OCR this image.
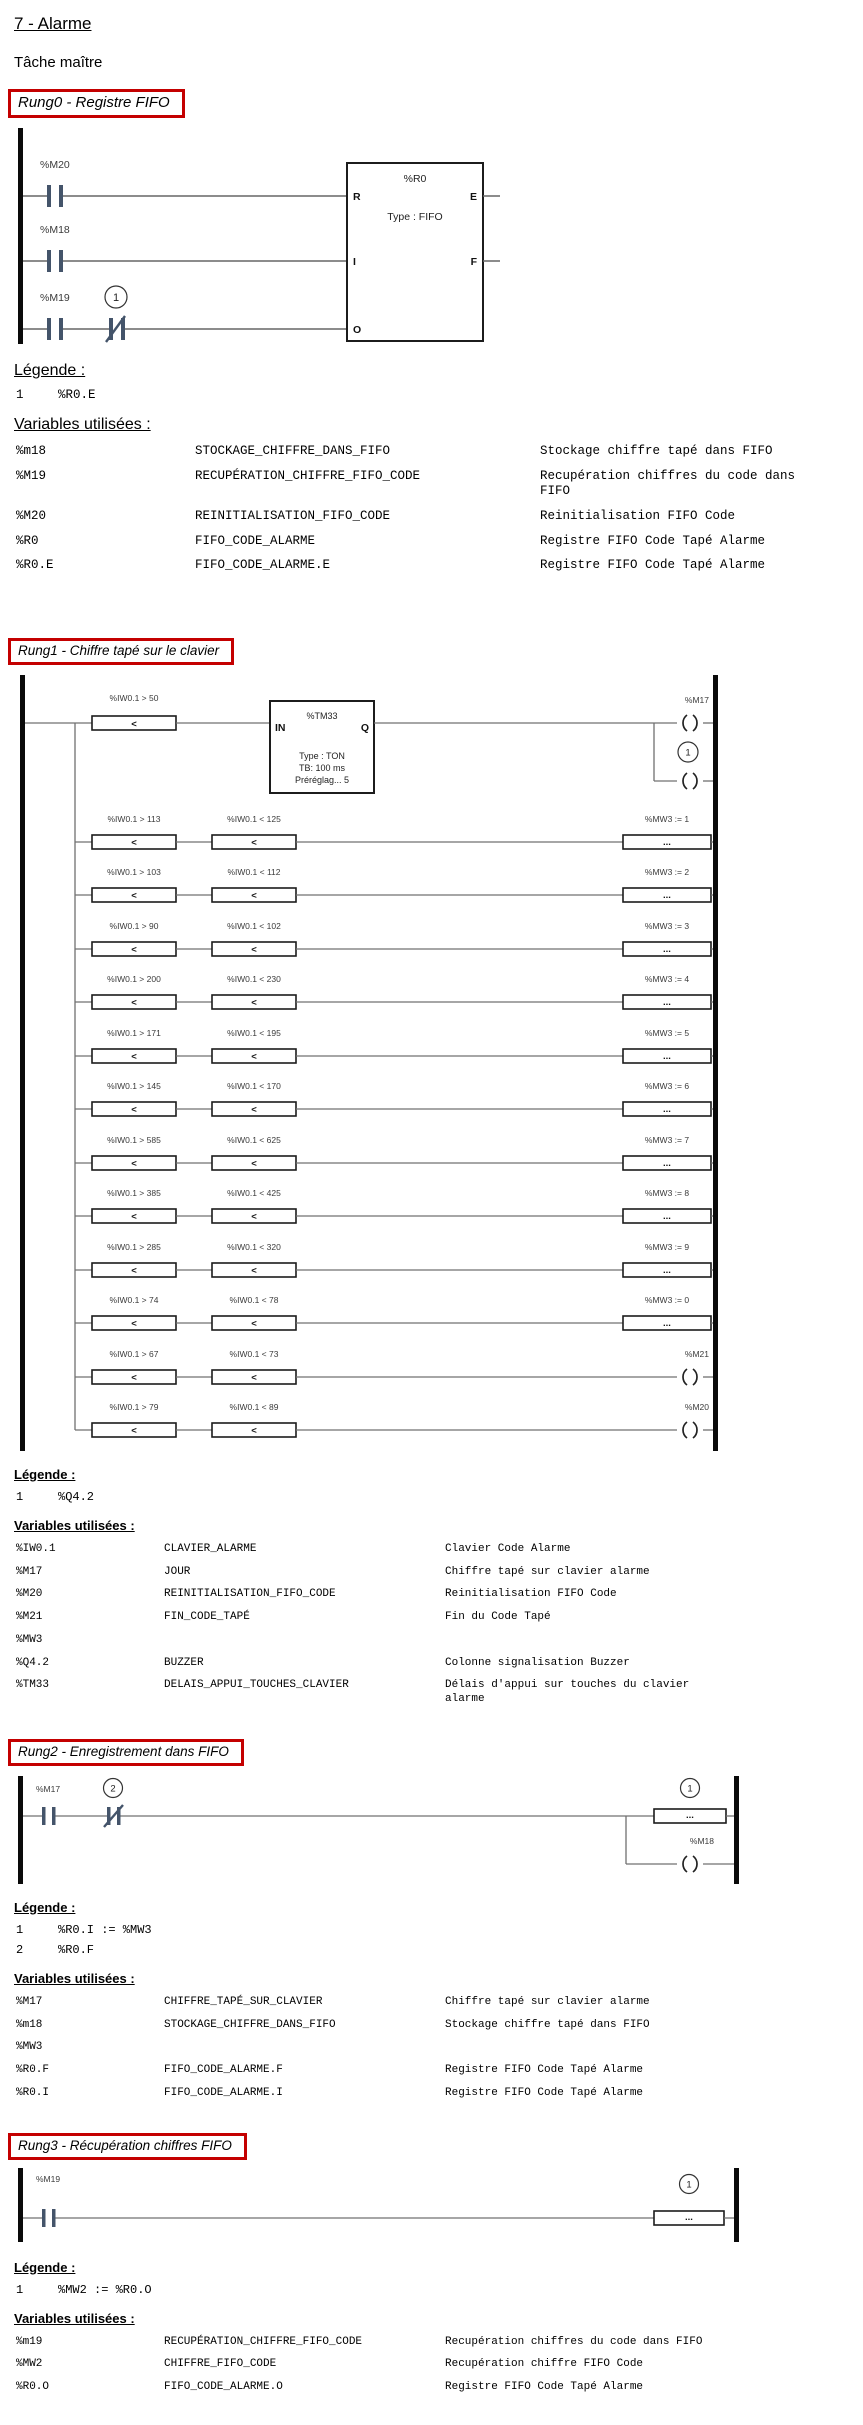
7 - Alarme
Tâche maître
Rung0 - Registre FIFO
%M20
%M18
%M19	1
%R0
Type : FIFO
R
I
O
E
F
Légende :
1	%R0.E
Variables utilisées :
%m18	STOCKAGE_CHIFFRE_DANS_FIFO	Stockage chiffre tapé dans FIFO
%M19	RECUPÉRATION_CHIFFRE_FIFO_CODE	Recupération chiffres du code dans FIFO
%M20	REINITIALISATION_FIFO_CODE	Reinitialisation FIFO Code
%R0	FIFO_CODE_ALARME	Registre FIFO Code Tapé Alarme
%R0.E	FIFO_CODE_ALARME.E	Registre FIFO Code Tapé Alarme
Rung1 - Chiffre tapé sur le clavier
%IW0.1 > 50
<
%TM33
IN	Q
Type : TON
TB: 100 ms
Préréglag... 5
%M17
1
%IW0.1 > 113	%IW0.1 < 125
<	<	...
%MW3 := 1
%IW0.1 > 103	%IW0.1 < 112
<	<	...
%MW3 := 2
%IW0.1 > 90	%IW0.1 < 102
<	<	...
%MW3 := 3
%IW0.1 > 200	%IW0.1 < 230
<	<	...
%MW3 := 4
%IW0.1 > 171	%IW0.1 < 195
<	<	...
%MW3 := 5
%IW0.1 > 145	%IW0.1 < 170
<	<	...
%MW3 := 6
%IW0.1 > 585	%IW0.1 < 625
<	<	...
%MW3 := 7
%IW0.1 > 385	%IW0.1 < 425
<	<	...
%MW3 := 8
%IW0.1 > 285	%IW0.1 < 320
<	<	...
%MW3 := 9
%IW0.1 > 74	%IW0.1 < 78
<	<	...
%MW3 := 0
%IW0.1 > 67	%IW0.1 < 73
<	<
%M21
%IW0.1 > 79	%IW0.1 < 89
<	<
%M20
Légende :
1	%Q4.2
Variables utilisées :
%IW0.1	CLAVIER_ALARME	Clavier Code Alarme
%M17	JOUR	Chiffre tapé sur clavier alarme
%M20	REINITIALISATION_FIFO_CODE	Reinitialisation FIFO Code
%M21	FIN_CODE_TAPÉ	Fin du Code Tapé
%MW3
%Q4.2	BUZZER	Colonne signalisation Buzzer
%TM33	DELAIS_APPUI_TOUCHES_CLAVIER	Délais d'appui sur touches du clavier alarme
Rung2 - Enregistrement dans FIFO
%M17	2	1
...
%M18
Légende :
1	%R0.I := %MW3
2	%R0.F
Variables utilisées :
%M17	CHIFFRE_TAPÉ_SUR_CLAVIER	Chiffre tapé sur clavier alarme
%m18	STOCKAGE_CHIFFRE_DANS_FIFO	Stockage chiffre tapé dans FIFO
%MW3
%R0.F	FIFO_CODE_ALARME.F	Registre FIFO Code Tapé Alarme
%R0.I	FIFO_CODE_ALARME.I	Registre FIFO Code Tapé Alarme
Rung3 - Récupération chiffres FIFO
%M19
1
...
Légende :
1	%MW2 := %R0.O
Variables utilisées :
%m19	RECUPÉRATION_CHIFFRE_FIFO_CODE	Recupération chiffres du code dans FIFO
%MW2	CHIFFRE_FIFO_CODE	Recupération chiffre FIFO Code
%R0.O	FIFO_CODE_ALARME.O	Registre FIFO Code Tapé Alarme
